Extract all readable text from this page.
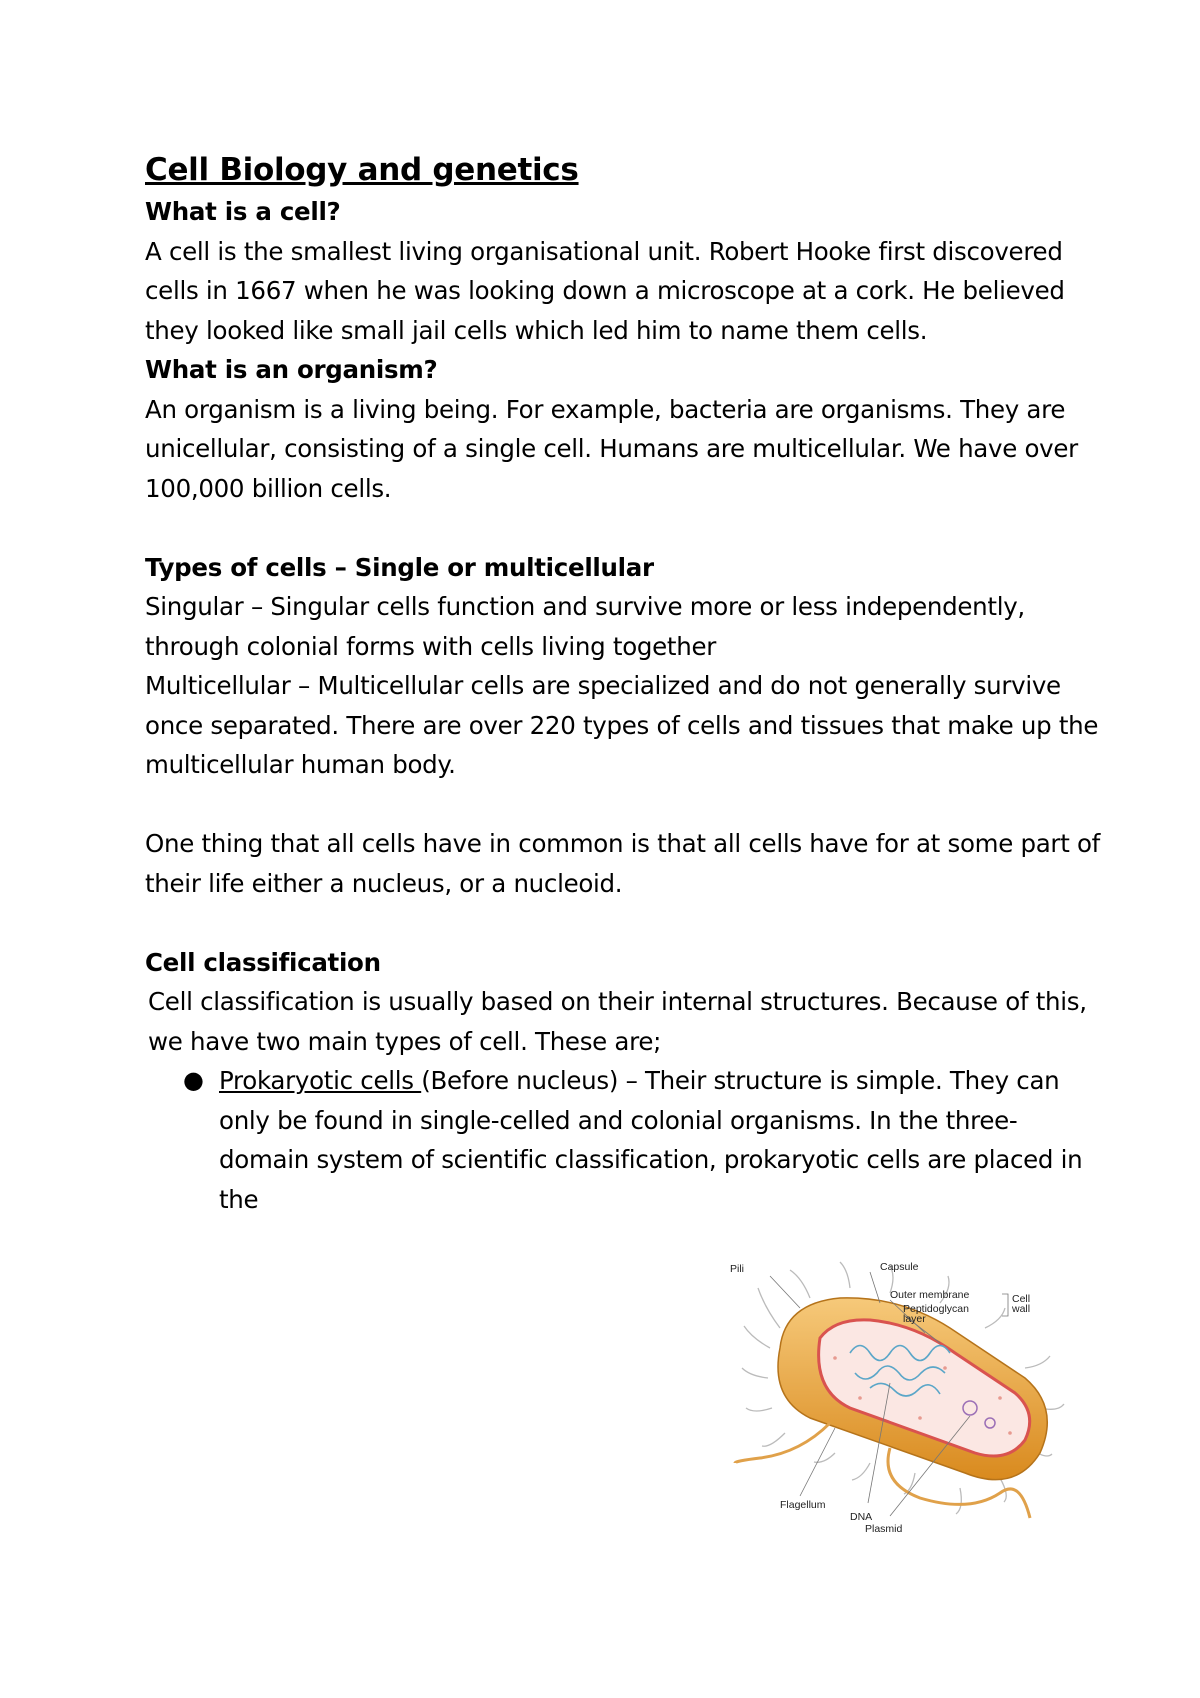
Cell Biology and genetics

What is a cell?

A cell is the smallest living organisational unit. Robert Hooke first discovered cells in 1667 when he was looking down a microscope at a cork. He believed they looked like small jail cells which led him to name them cells.

What is an organism?

An organism is a living being. For example, bacteria are organisms. They are unicellular, consisting of a single cell. Humans are multicellular. We have over 100,000 billion cells.

Types of cells – Single or multicellular

Singular – Singular cells function and survive more or less independently, through colonial forms with cells living together

Multicellular – Multicellular cells are specialized and do not generally survive once separated. There are over 220 types of cells and tissues that make up the multicellular human body.

One thing that all cells have in common is that all cells have for at some part of their life either a nucleus, or a nucleoid.

Cell classification

Cell classification is usually based on their internal structures. Because of this, we have two main types of cell. These are;

● Prokaryotic cells (Before nucleus) – Their structure is simple. They can only be found in single-celled and colonial organisms. In the three-domain system of scientific classification, prokaryotic cells are placed in the
Pili	Capsule
Outer membrane
Peptidoglycan
layer
Cell
wall
Flagellum
DNA
Plasmid
